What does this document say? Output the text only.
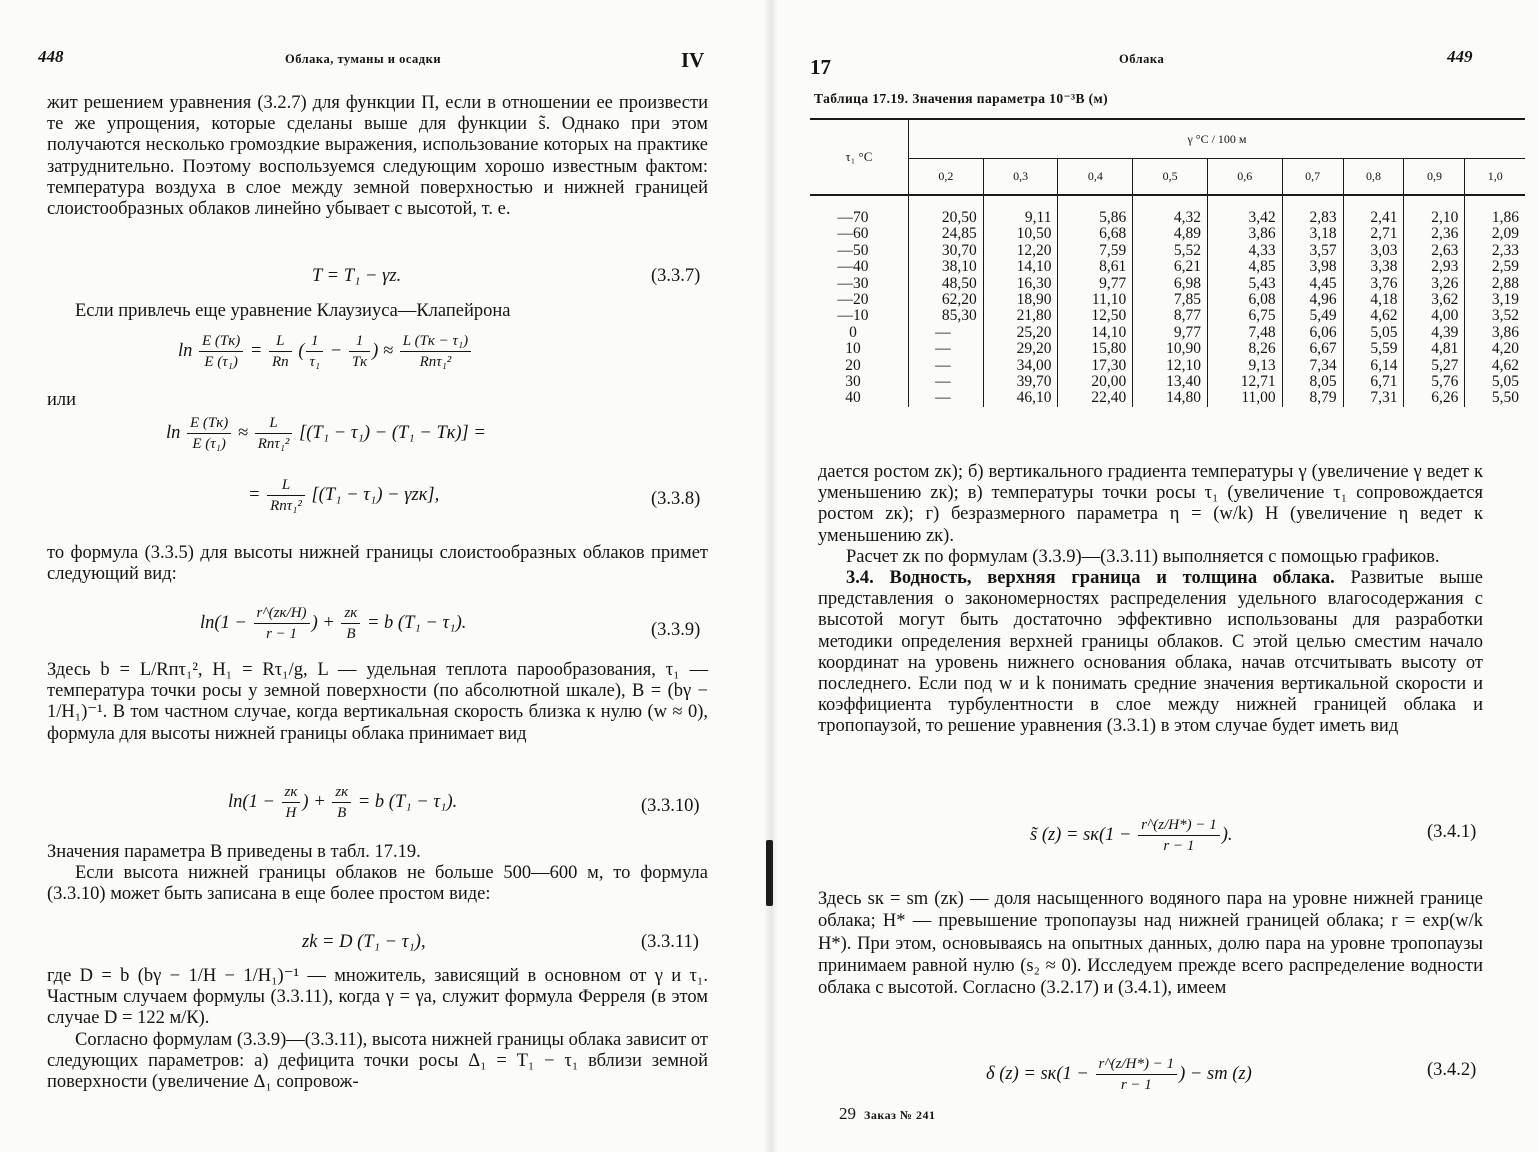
448	Облака, туманы и осадки	IV

жит решением уравнения (3.2.7) для функции П, если в отношении ее произвести те же упрощения, которые сделаны выше для функции s̃. Однако при этом получаются несколько громоздкие выражения, использование которых на практике затруднительно. Поэтому воспользуемся следующим хорошо известным фактом: температура воздуха в слое между земной поверхностью и нижней границей слоистообразных облаков линейно убывает с высотой, т. е.

T = T₁ − γz.	(3.3.7)

Если привлечь еще уравнение Клаузиуса—Клапейрона

$\ln \frac{E (Tк)}{\text{E (τ₁)}} = \frac{L}{Rп}$ ( $\frac{1}{\text{τ₁}} - \frac{1}{Tк}$ ) ≈ $\frac{\text{L (Tк − τ₁)}}{\text{Rпτ₁²}}$

или

$\ln \frac{E (Tк)}{\text{E (τ₁)}} \approx \frac{L}{\text{Rпτ₁²}} [(T_1 - \tau_1) - (T_1 - Tк)]$ =
= $\frac{L}{\text{Rпτ₁²}} [(T_1 - \tau_1) - \gamma zк]$,	(3.3.8)

то формула (3.3.5) для высоты нижней границы слоистообразных облаков примет следующий вид:

$\ln(1 - \frac{r\^{}(zк/H)}{r - 1}$ ) + $\frac{zк}{B} = b$ (T₁ − τ₁).	(3.3.9)

Здесь b = L/Rпτ₁², H₁ = Rτ₁/g, L — удельная теплота парообразования, τ₁ — температура точки росы у земной поверхности (по абсолютной шкале), B = (bγ − 1/H₁)⁻¹. В том частном случае, когда вертикальная скорость близка к нулю (w ≈ 0), формула для высоты нижней границы облака принимает вид

$\ln(1 - \frac{zк}{H}$ ) + $\frac{zк}{B} = b$ (T₁ − τ₁).	(3.3.10)

Значения параметра B приведены в табл. 17.19.

Если высота нижней границы облаков не больше 500—600 м, то формула (3.3.10) может быть записана в еще более простом виде:

zk = D (T₁ − τ₁),	(3.3.11)

где D = b (bγ − 1/H − 1/H₁)⁻¹ — множитель, зависящий в основном от γ и τ₁. Частным случаем формулы (3.3.11), когда γ = γa, служит формула Ферреля (в этом случае D = 122 м/К).

Согласно формулам (3.3.9)—(3.3.11), высота нижней границы облака зависит от следующих параметров: а) дефицита точки росы Δ₁ = T₁ − τ₁ вблизи земной поверхности (увеличение Δ₁ сопровож-

17	Облака	449
Таблица 17.19. Значения параметра 10⁻³B (м)
τ₁ °C	γ °C / 100 м								
	0,2	0,3	0,4	0,5	0,6	0,7	0,8	0,9	1,0
—70	20,50	9,11	5,86	4,32	3,42	2,83	2,41	2,10	1,86
—60	24,85	10,50	6,68	4,89	3,86	3,18	2,71	2,36	2,09
—50	30,70	12,20	7,59	5,52	4,33	3,57	3,03	2,63	2,33
—40	38,10	14,10	8,61	6,21	4,85	3,98	3,38	2,93	2,59
—30	48,50	16,30	9,77	6,98	5,43	4,45	3,76	3,26	2,88
—20	62,20	18,90	11,10	7,85	6,08	4,96	4,18	3,62	3,19
—10	85,30	21,80	12,50	8,77	6,75	5,49	4,62	4,00	3,52
0	—	25,20	14,10	9,77	7,48	6,06	5,05	4,39	3,86
10	—	29,20	15,80	10,90	8,26	6,67	5,59	4,81	4,20
20	—	34,00	17,30	12,10	9,13	7,34	6,14	5,27	4,62
30	—	39,70	20,00	13,40	12,71	8,05	6,71	5,76	5,05
40	—	46,10	22,40	14,80	11,00	8,79	7,31	6,26	5,50

дается ростом zк); б) вертикального градиента температуры γ (увеличение γ ведет к уменьшению zк); в) температуры точки росы τ₁ (увеличение τ₁ сопровождается ростом zк); г) безразмерного параметра η = (w/k) H (увеличение η ведет к уменьшению zк).

Расчет zк по формулам (3.3.9)—(3.3.11) выполняется с помощью графиков.

3.4. Водность, верхняя граница и толщина облака. Развитые выше представления о закономерностях распределения удельного влагосодержания с высотой могут быть достаточно эффективно использованы для разработки методики определения верхней границы облаков. С этой целью сместим начало координат на уровень нижнего основания облака, начав отсчитывать высоту от последнего. Если под w и k понимать средние значения вертикальной скорости и коэффициента турбулентности в слое между нижней границей облака и тропопаузой, то решение уравнения (3.3.1) в этом случае будет иметь вид

s̃ $(z) = sк(1 - \frac{r\^{}(z/H*) - 1}{r - 1}$ ).	(3.4.1)

Здесь sк = sm (zк) — доля насыщенного водяного пара на уровне нижней границе облака; H* — превышение тропопаузы над нижней границей облака; r = exp(w/k H*). При этом, основываясь на опытных данных, долю пара на уровне тропопаузы принимаем равной нулю (s₂ ≈ 0). Исследуем прежде всего распределение водности облака с высотой. Согласно (3.2.17) и (3.4.1), имеем

δ $(z) = sк(1 - \frac{r\^{}(z/H*) - 1}{r - 1}$ ) − sm (z)	(3.4.2)
29 Заказ № 241
